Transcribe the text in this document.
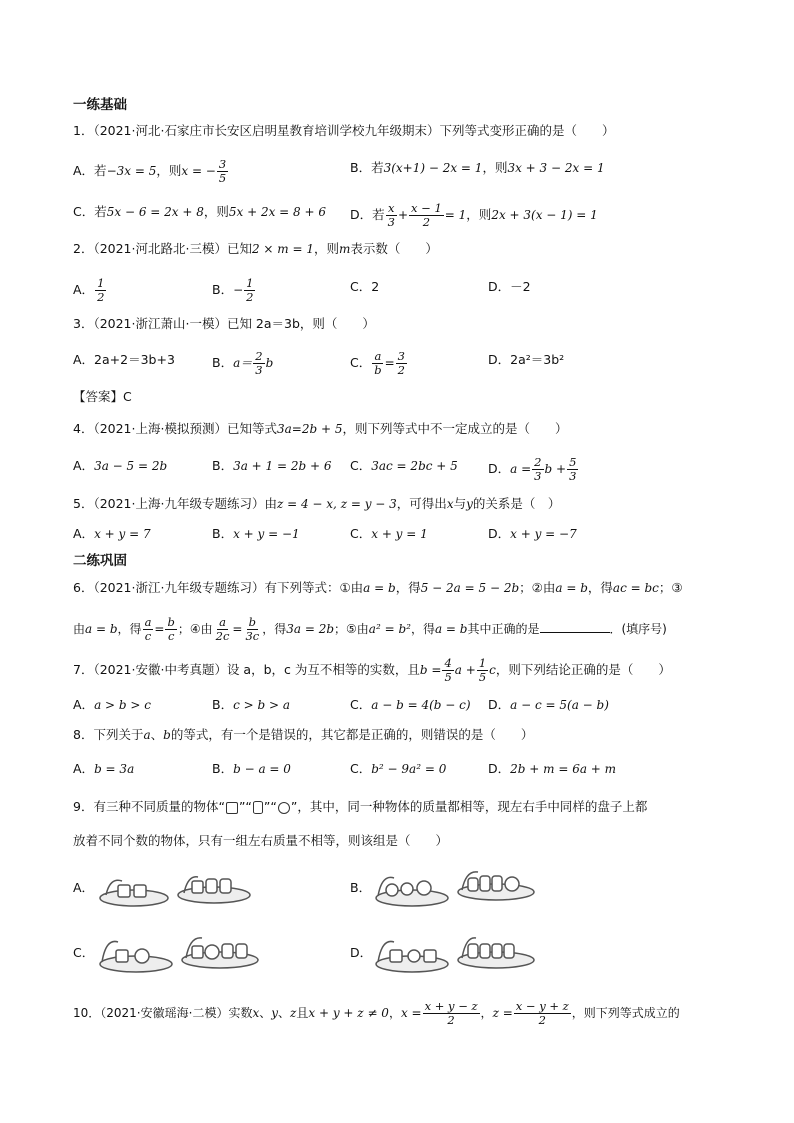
一练基础
1．（2021·河北·石家庄市长安区启明星教育培训学校九年级期末）下列等式变形正确的是（　　）
A．若−3x = 5，则x = − $\frac{3}{5}$	B．若3(x+1) − 2x = 1，则3x + 3 − 2x = 1
C．若5x − 6 = 2x + 8，则5x + 2x = 8 + 6 D．若 $\frac{x}{3} + \frac{x - 1}{2} = 1$，则2x + 3(x − 1) = 1
2．（2021·河北路北·三模）已知2 × m = 1，则m表示数（　　）
A． $\frac{1}{2}$	B．− $\frac{1}{2}$	C．2	D．－2
3．（2021·浙江萧山·一模）已知 2a＝3b，则（　　）
A．2a+2＝3b+3	B．$a= \frac{2}{3}$ b	C． $\frac{a}{b} = \frac{3}{2}$	D．2a²＝3b²
【答案】C
4．（2021·上海·模拟预测）已知等式3a=2b + 5，则下列等式中不一定成立的是（　　）
A．3a − 5 = 2b	B．3a + 1 = 2b + 6 C．3ac = 2bc + 5 D．$a = \frac{2}{3}$ $b + \frac{5}{3}$
5．（2021·上海·九年级专题练习）由z = 4 − x, z = y − 3，可得出x与y的关系是（　）
A．x + y = 7	B．x + y = −1	C．x + y = 1	D．x + y = −7
二练巩固
6．（2021·浙江·九年级专题练习）有下列等式：①由a = b，得5 − 2a = 5 − 2b；②由a = b，得ac = bc；③
由a = b，得 $\frac{a}{c} = \frac{b}{c}$ ；④由 $\frac{a}{2c} = \frac{b}{3c}$ ，得3a = 2b；⑤由a² = b²，得a = b其中正确的是	．(填序号)
7．（2021·安徽·中考真题）设 a，b，c 为互不相等的实数，且$b = \frac{4}{5}$ $a + \frac{1}{5}$ c，则下列结论正确的是（　　）
A．a > b > c	B．c > b > a	C．a − b = 4(b − c) D．a − c = 5(a − b)
8．下列关于a、b的等式，有一个是错误的，其它都是正确的，则错误的是（　　）
A．b = 3a	B．b − a = 0	C．b² − 9a² = 0	D．2b + m = 6a + m
9．有三种不同质量的物体“ ”“ ”“ ”，其中，同一种物体的质量都相等，现左右手中同样的盘子上都
放着不同个数的物体，只有一组左右质量不相等，则该组是（　　）
A．	B．
C．	D．
10．（2021·安徽瑶海·二模）实数x、y、z且x + y + z ≠ 0，$x = \frac{x + y - z}{2}$ ，$z = \frac{x - y + z}{2}$ ，则下列等式成立的
